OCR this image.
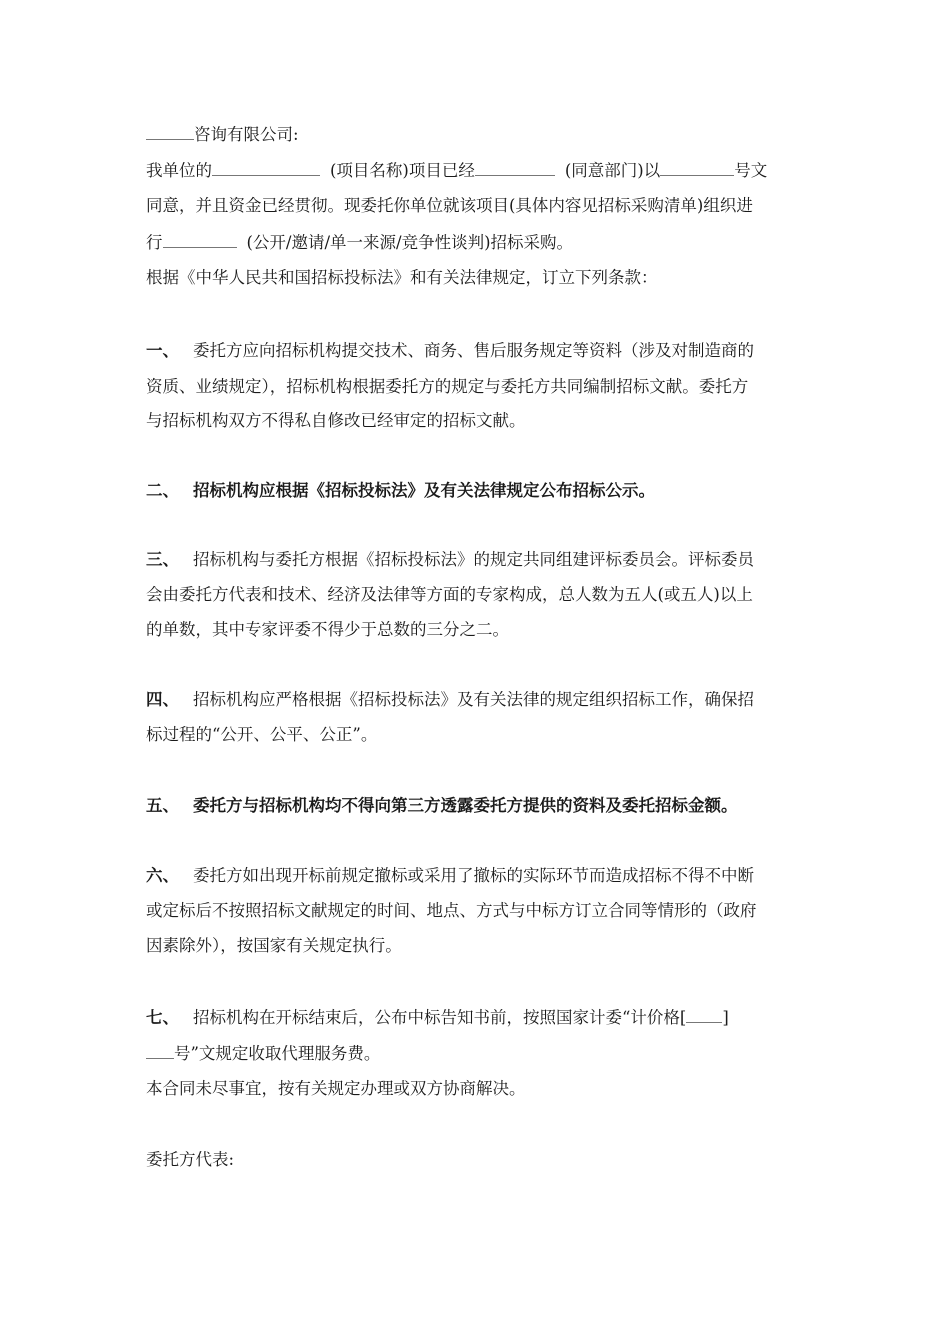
咨询有限公司:

我单位的	(项目名称)项目已经	(同意部门)以	号文

同意，并且资金已经贯彻。现委托你单位就该项目(具体内容见招标采购清单)组织进

行	(公开/邀请/单一来源/竞争性谈判)招标采购。

根据《中华人民共和国招标投标法》和有关法律规定，订立下列条款：

一、 委托方应向招标机构提交技术、商务、售后服务规定等资料（涉及对制造商的

资质、业绩规定），招标机构根据委托方的规定与委托方共同编制招标文献。委托方

与招标机构双方不得私自修改已经审定的招标文献。

二、 招标机构应根据《招标投标法》及有关法律规定公布招标公示。

三、 招标机构与委托方根据《招标投标法》的规定共同组建评标委员会。评标委员

会由委托方代表和技术、经济及法律等方面的专家构成，总人数为五人(或五人)以上

的单数，其中专家评委不得少于总数的三分之二。

四、 招标机构应严格根据《招标投标法》及有关法律的规定组织招标工作，确保招

标过程的“公开、公平、公正”。

五、 委托方与招标机构均不得向第三方透露委托方提供的资料及委托招标金额。

六、 委托方如出现开标前规定撤标或采用了撤标的实际环节而造成招标不得不中断

或定标后不按照招标文献规定的时间、地点、方式与中标方订立合同等情形的（政府

因素除外），按国家有关规定执行。

七、 招标机构在开标结束后，公布中标告知书前，按照国家计委“计价格[ ]

号”文规定收取代理服务费。

本合同未尽事宜，按有关规定办理或双方协商解决。

委托方代表:
